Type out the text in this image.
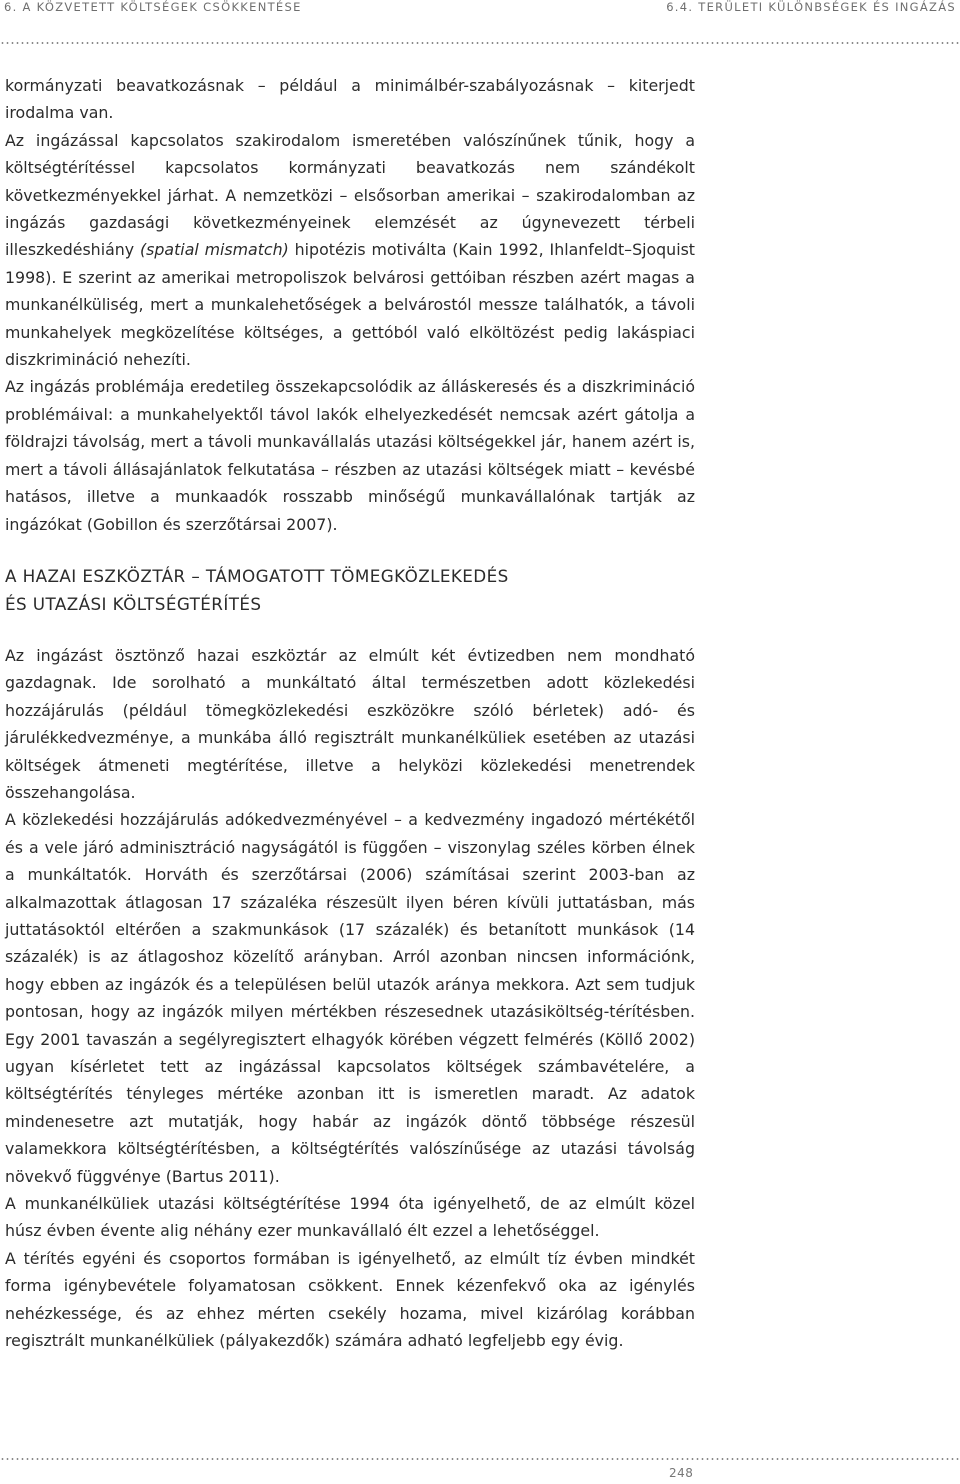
6. A KÖZVETETT KÖLTSÉGEK CSÖKKENTÉSE	6.4. TERÜLETI KÜLÖNBSÉGEK ÉS INGÁZÁS

kormányzati beavatkozásnak – például a minimálbér-szabályozásnak – kiterjedt irodalma van.

Az ingázással kapcsolatos szakirodalom ismeretében valószínűnek tűnik, hogy a költségtérítéssel kapcsolatos kormányzati beavatkozás nem szándékolt következményekkel járhat. A nemzetközi – elsősorban amerikai – szakirodalomban az ingázás gazdasági következményeinek elemzését az úgynevezett térbeli illeszkedéshiány (spatial mismatch) hipotézis motiválta (Kain 1992, Ihlanfeldt–Sjoquist 1998). E szerint az amerikai metropoliszok belvárosi gettóiban részben azért magas a munkanélküliség, mert a munkalehetőségek a belvárostól messze találhatók, a távoli munkahelyek megközelítése költséges, a gettóból való elköltözést pedig lakáspiaci diszkrimináció nehezíti.

Az ingázás problémája eredetileg összekapcsolódik az álláskeresés és a diszkrimináció problémáival: a munkahelyektől távol lakók elhelyezkedését nemcsak azért gátolja a földrajzi távolság, mert a távoli munkavállalás utazási költségekkel jár, hanem azért is, mert a távoli állásajánlatok felkutatása – részben az utazási költségek miatt – kevésbé hatásos, illetve a munkaadók rosszabb minőségű munkavállalónak tartják az ingázókat (Gobillon és szerzőtársai 2007).

A HAZAI ESZKÖZTÁR – TÁMOGATOTT TÖMEGKÖZLEKEDÉS
ÉS UTAZÁSI KÖLTSÉGTÉRÍTÉS

Az ingázást ösztönző hazai eszköztár az elmúlt két évtizedben nem mondható gazdagnak. Ide sorolható a munkáltató által természetben adott közlekedési hozzájárulás (például tömegközlekedési eszközökre szóló bérletek) adó- és járulékkedvezménye, a munkába álló regisztrált munkanélküliek esetében az utazási költségek átmeneti megtérítése, illetve a helyközi közlekedési menetrendek összehangolása.

A közlekedési hozzájárulás adókedvezményével – a kedvezmény ingadozó mértékétől és a vele járó adminisztráció nagyságától is függően – viszonylag széles körben élnek a munkáltatók. Horváth és szerzőtársai (2006) számításai szerint 2003-ban az alkalmazottak átlagosan 17 százaléka részesült ilyen béren kívüli juttatásban, más juttatásoktól eltérően a szakmunkások (17 százalék) és betanított munkások (14 százalék) is az átlagoshoz közelítő arányban. Arról azonban nincsen információnk, hogy ebben az ingázók és a településen belül utazók aránya mekkora. Azt sem tudjuk pontosan, hogy az ingázók milyen mértékben részesednek utazásiköltség-térítésben. Egy 2001 tavaszán a segélyregisztert elhagyók körében végzett felmérés (Köllő 2002) ugyan kísérletet tett az ingázással kapcsolatos költségek számbavételére, a költségtérítés tényleges mértéke azonban itt is ismeretlen maradt. Az adatok mindenesetre azt mutatják, hogy habár az ingázók döntő többsége részesül valamekkora költségtérítésben, a költségtérítés valószínűsége az utazási távolság növekvő függvénye (Bartus 2011).

A munkanélküliek utazási költségtérítése 1994 óta igényelhető, de az elmúlt közel húsz évben évente alig néhány ezer munkavállaló élt ezzel a lehetőséggel.

A térítés egyéni és csoportos formában is igényelhető, az elmúlt tíz évben mindkét forma igénybevétele folyamatosan csökkent. Ennek kézenfekvő oka az igénylés nehézkessége, és az ehhez mérten csekély hozama, mivel kizárólag korábban regisztrált munkanélküliek (pályakezdők) számára adható legfeljebb egy évig.

248
